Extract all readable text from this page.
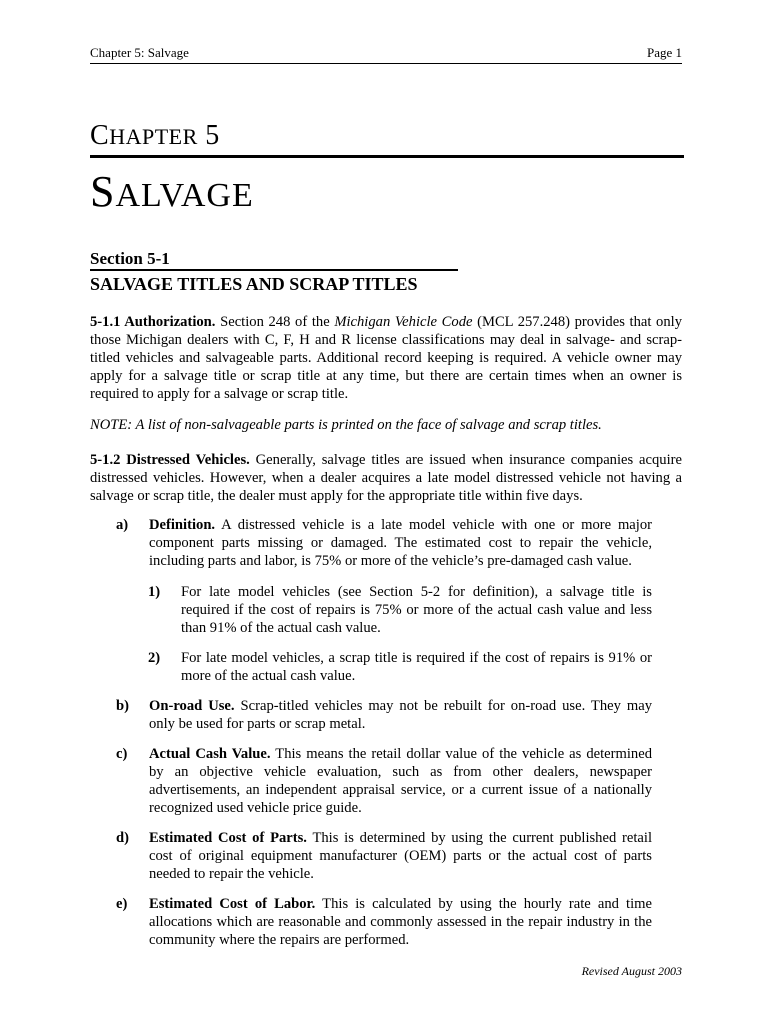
Chapter 5: Salvage	Page 1
CHAPTER 5
SALVAGE
Section 5-1
SALVAGE TITLES AND SCRAP TITLES
5-1.1 Authorization. Section 248 of the Michigan Vehicle Code (MCL 257.248) provides that only those Michigan dealers with C, F, H and R license classifications may deal in salvage- and scrap-titled vehicles and salvageable parts. Additional record keeping is required. A vehicle owner may apply for a salvage title or scrap title at any time, but there are certain times when an owner is required to apply for a salvage or scrap title.
NOTE: A list of non-salvageable parts is printed on the face of salvage and scrap titles.
5-1.2 Distressed Vehicles. Generally, salvage titles are issued when insurance companies acquire distressed vehicles. However, when a dealer acquires a late model distressed vehicle not having a salvage or scrap title, the dealer must apply for the appropriate title within five days.
a) Definition. A distressed vehicle is a late model vehicle with one or more major component parts missing or damaged. The estimated cost to repair the vehicle, including parts and labor, is 75% or more of the vehicle’s pre-damaged cash value.
1) For late model vehicles (see Section 5-2 for definition), a salvage title is required if the cost of repairs is 75% or more of the actual cash value and less than 91% of the actual cash value.
2) For late model vehicles, a scrap title is required if the cost of repairs is 91% or more of the actual cash value.
b) On-road Use. Scrap-titled vehicles may not be rebuilt for on-road use. They may only be used for parts or scrap metal.
c) Actual Cash Value. This means the retail dollar value of the vehicle as determined by an objective vehicle evaluation, such as from other dealers, newspaper advertisements, an independent appraisal service, or a current issue of a nationally recognized used vehicle price guide.
d) Estimated Cost of Parts. This is determined by using the current published retail cost of original equipment manufacturer (OEM) parts or the actual cost of parts needed to repair the vehicle.
e) Estimated Cost of Labor. This is calculated by using the hourly rate and time allocations which are reasonable and commonly assessed in the repair industry in the community where the repairs are performed.
Revised August 2003
